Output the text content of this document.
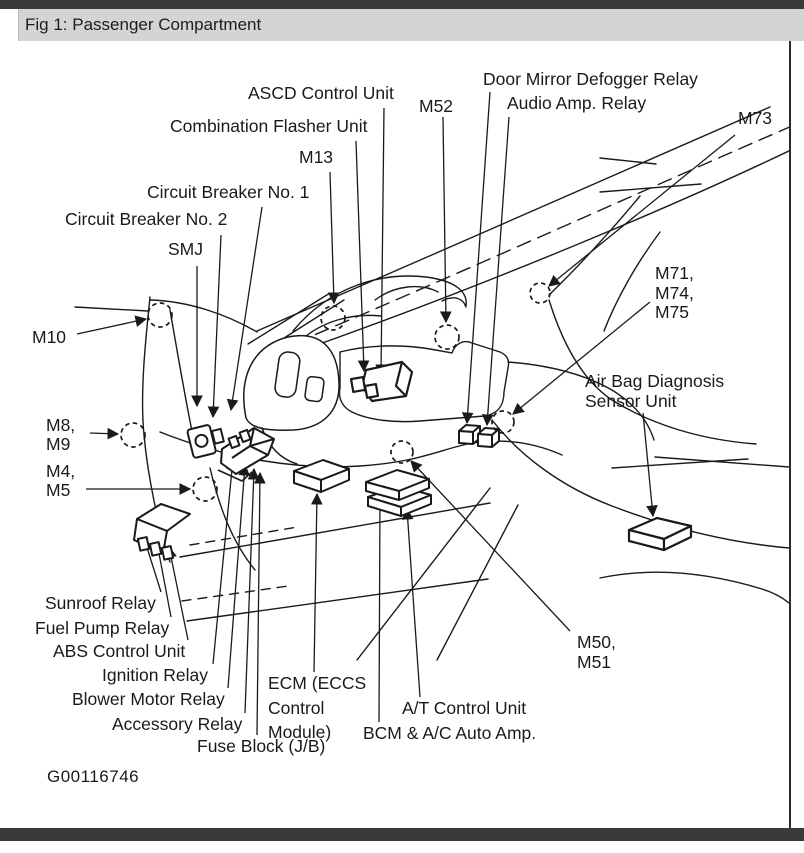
Fig 1: Passenger Compartment
ASCD Control Unit
Combination Flasher Unit
M13
M52
Door Mirror Defogger Relay
Audio Amp. Relay
M73
M71,
M74,
M75
Air Bag Diagnosis
Sensor Unit
Circuit Breaker No. 1
Circuit Breaker No. 2
SMJ
M10
M8,
M9
M4,
M5
Sunroof Relay
Fuel Pump Relay
ABS Control Unit
Ignition Relay
Blower Motor Relay
Accessory Relay
Fuse Block (J/B)
ECM (ECCS
Control
Module)
A/T Control Unit
BCM & A/C Auto Amp.
M50,
M51
G00116746
